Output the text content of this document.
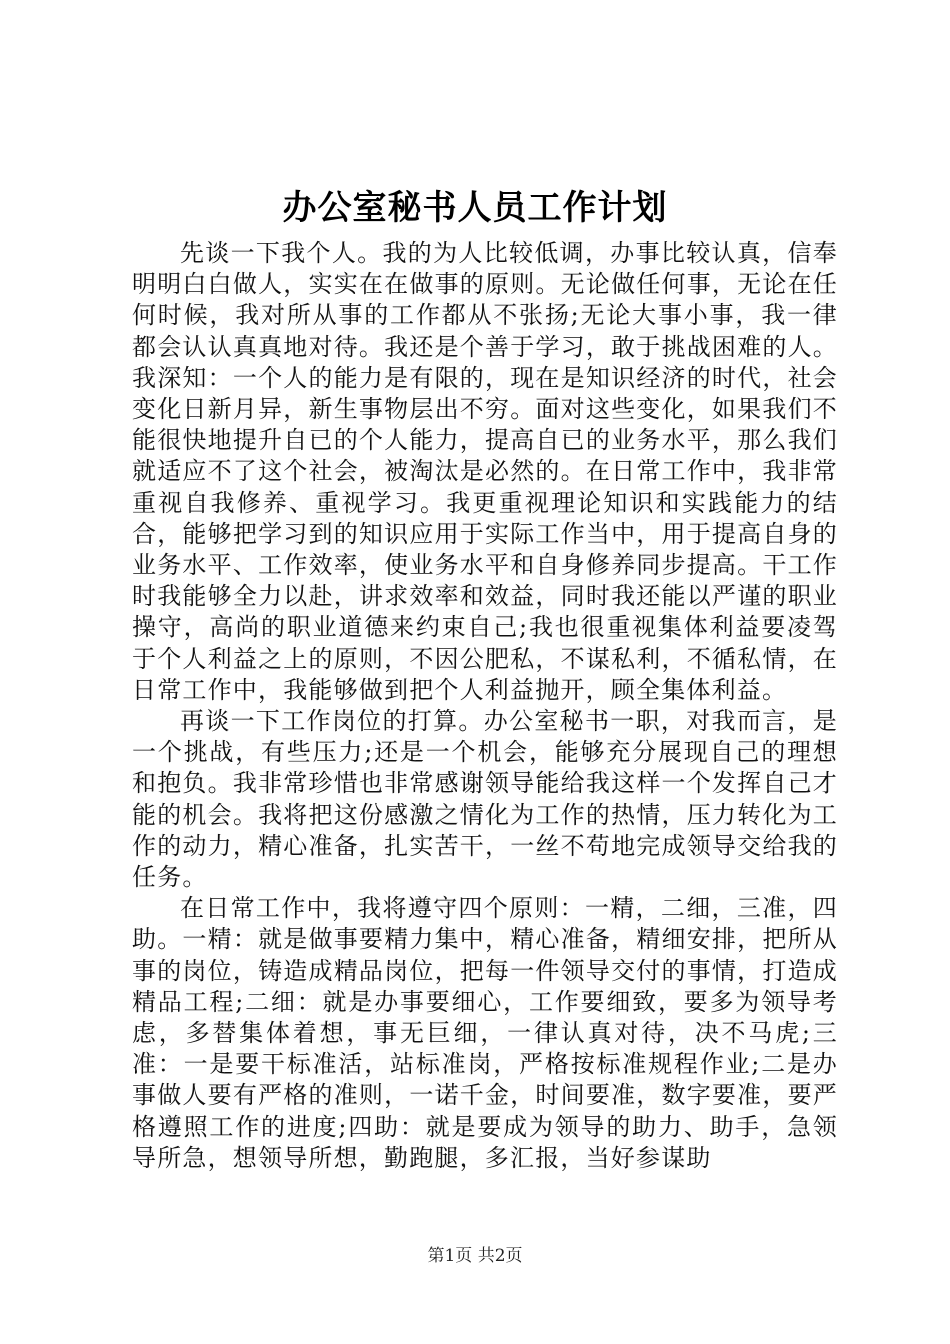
办公室秘书人员工作计划

先谈一下我个人。我的为人比较低调，办事比较认真，信奉明明白白做人，实实在在做事的原则。无论做任何事，无论在任何时候，我对所从事的工作都从不张扬;无论大事小事，我一律都会认认真真地对待。我还是个善于学习，敢于挑战困难的人。我深知：一个人的能力是有限的，现在是知识经济的时代，社会变化日新月异，新生事物层出不穷。面对这些变化，如果我们不能很快地提升自已的个人能力，提高自已的业务水平，那么我们就适应不了这个社会，被淘汰是必然的。在日常工作中，我非常重视自我修养、重视学习。我更重视理论知识和实践能力的结合，能够把学习到的知识应用于实际工作当中，用于提高自身的业务水平、工作效率，使业务水平和自身修养同步提高。干工作时我能够全力以赴，讲求效率和效益，同时我还能以严谨的职业操守，高尚的职业道德来约束自己;我也很重视集体利益要凌驾于个人利益之上的原则，不因公肥私，不谋私利，不循私情，在日常工作中，我能够做到把个人利益抛开，顾全集体利益。

再谈一下工作岗位的打算。办公室秘书一职，对我而言，是一个挑战，有些压力;还是一个机会，能够充分展现自己的理想和抱负。我非常珍惜也非常感谢领导能给我这样一个发挥自己才能的机会。我将把这份感激之情化为工作的热情，压力转化为工作的动力，精心准备，扎实苦干，一丝不苟地完成领导交给我的任务。

在日常工作中，我将遵守四个原则：一精，二细，三准，四助。一精：就是做事要精力集中，精心准备，精细安排，把所从事的岗位，铸造成精品岗位，把每一件领导交付的事情，打造成精品工程;二细：就是办事要细心，工作要细致，要多为领导考虑，多替集体着想，事无巨细，一律认真对待，决不马虎;三准：一是要干标准活，站标准岗，严格按标准规程作业;二是办事做人要有严格的准则，一诺千金，时间要准，数字要准，要严格遵照工作的进度;四助：就是要成为领导的助力、助手，急领导所急，想领导所想，勤跑腿，多汇报，当好参谋助

第1页 共2页
